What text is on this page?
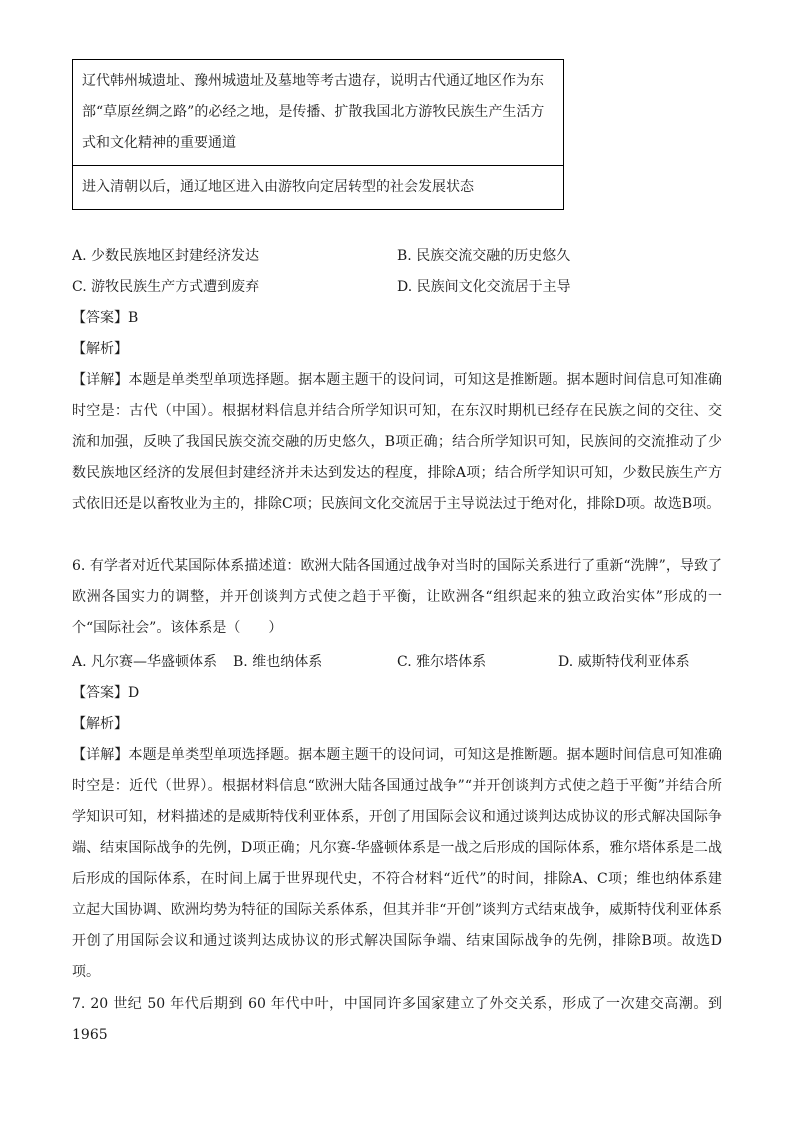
辽代韩州城遗址、豫州城遗址及墓地等考古遗存，说明古代通辽地区作为东部“草原丝绸之路”的必经之地，是传播、扩散我国北方游牧民族生产生活方式和文化精神的重要通道
进入清朝以后，通辽地区进入由游牧向定居转型的社会发展状态
A. 少数民族地区封建经济发达	B. 民族交流交融的历史悠久
C. 游牧民族生产方式遭到废弃	D. 民族间文化交流居于主导
【答案】B
【解析】
【详解】本题是单类型单项选择题。据本题主题干的设问词，可知这是推断题。据本题时间信息可知准确时空是：古代（中国）。根据材料信息并结合所学知识可知，在东汉时期机已经存在民族之间的交往、交流和加强，反映了我国民族交流交融的历史悠久，B项正确；结合所学知识可知，民族间的交流推动了少数民族地区经济的发展但封建经济并未达到发达的程度，排除A项；结合所学知识可知，少数民族生产方式依旧还是以畜牧业为主的，排除C项；民族间文化交流居于主导说法过于绝对化，排除D项。故选B项。
6. 有学者对近代某国际体系描述道：欧洲大陆各国通过战争对当时的国际关系进行了重新“洗牌”，导致了欧洲各国实力的调整，并开创谈判方式使之趋于平衡，让欧洲各“组织起来的独立政治实体”形成的一个“国际社会”。该体系是（　　）
A. 凡尔赛—华盛顿体系 B. 维也纳体系	C. 雅尔塔体系	D. 威斯特伐利亚体系
【答案】D
【解析】
【详解】本题是单类型单项选择题。据本题主题干的设问词，可知这是推断题。据本题时间信息可知准确时空是：近代（世界）。根据材料信息“欧洲大陆各国通过战争”“并开创谈判方式使之趋于平衡”并结合所学知识可知，材料描述的是威斯特伐利亚体系，开创了用国际会议和通过谈判达成协议的形式解决国际争端、结束国际战争的先例，D项正确；凡尔赛-华盛顿体系是一战之后形成的国际体系，雅尔塔体系是二战后形成的国际体系，在时间上属于世界现代史，不符合材料“近代”的时间，排除A、C项；维也纳体系建立起大国协调、欧洲均势为特征的国际关系体系，但其并非“开创”谈判方式结束战争，威斯特伐利亚体系开创了用国际会议和通过谈判达成协议的形式解决国际争端、结束国际战争的先例，排除B项。故选D项。
7. 20 世纪 50 年代后期到 60 年代中叶，中国同许多国家建立了外交关系，形成了一次建交高潮。到 1965
